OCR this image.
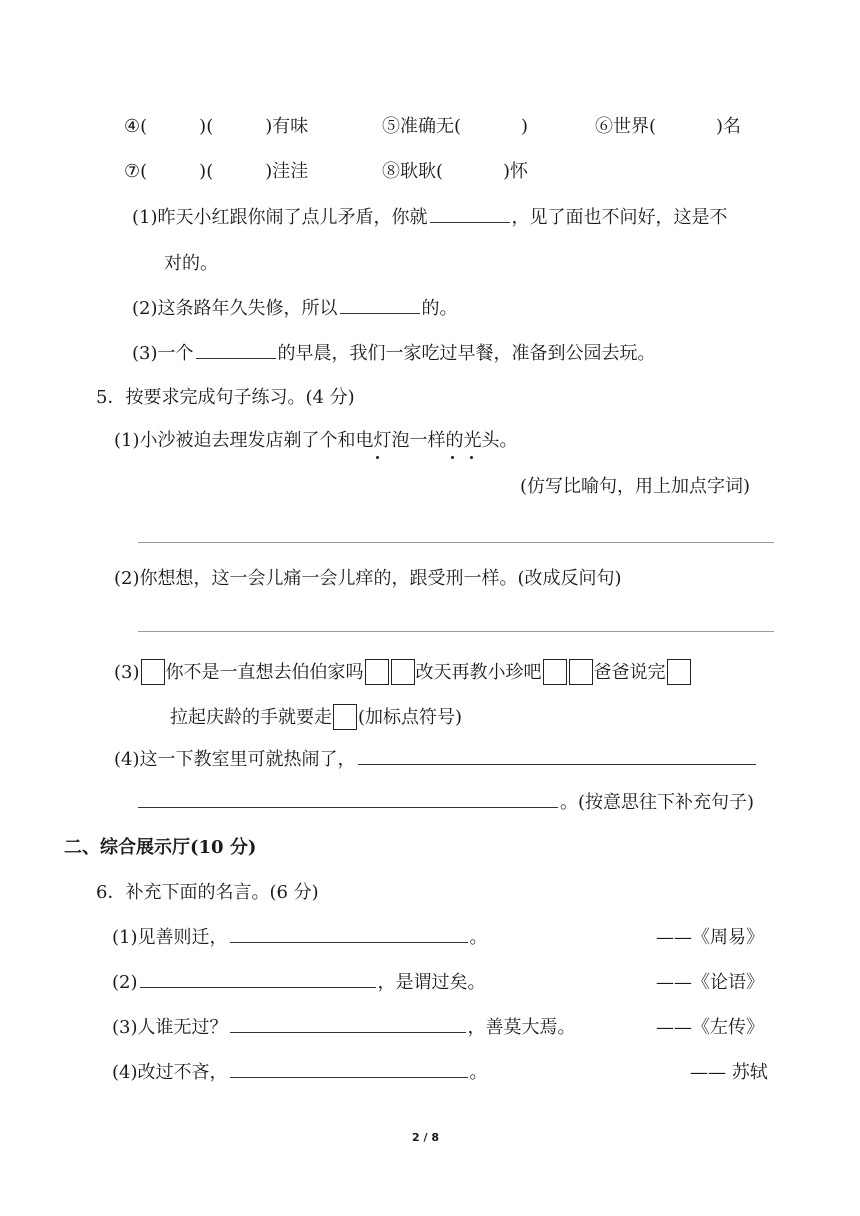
④(	)(	)有味	⑤准确无(	)	⑥世界(	)名
⑦(	)(	)洼洼	⑧耿耿(	)怀
(1)昨天小红跟你闹了点儿矛盾，你就	，见了面也不问好，这是不
对的。
(2)这条路年久失修，所以	的。
(3)一个	的早晨，我们一家吃过早餐，准备到公园去玩。
5．按要求完成句子练习。(4 分)
(1)小沙被迫去理发店剃了个和电灯泡一样的光头。
(仿写比喻句，用上加点字词)
(2)你想想，这一会儿痛一会儿痒的，跟受刑一样。(改成反问句)
(3) 你不是一直想去伯伯家吗	改天再教小珍吧	爸爸说完
拉起庆龄的手就要走 (加标点符号)
(4)这一下教室里可就热闹了，
。(按意思往下补充句子)
二、综合展示厅(10 分)
6．补充下面的名言。(6 分)
(1)见善则迁，	。	——《周易》
(2)	，是谓过矣。	——《论语》
(3)人谁无过？	，善莫大焉。	——《左传》
(4)改过不吝，	。	—— 苏轼
2 / 8
